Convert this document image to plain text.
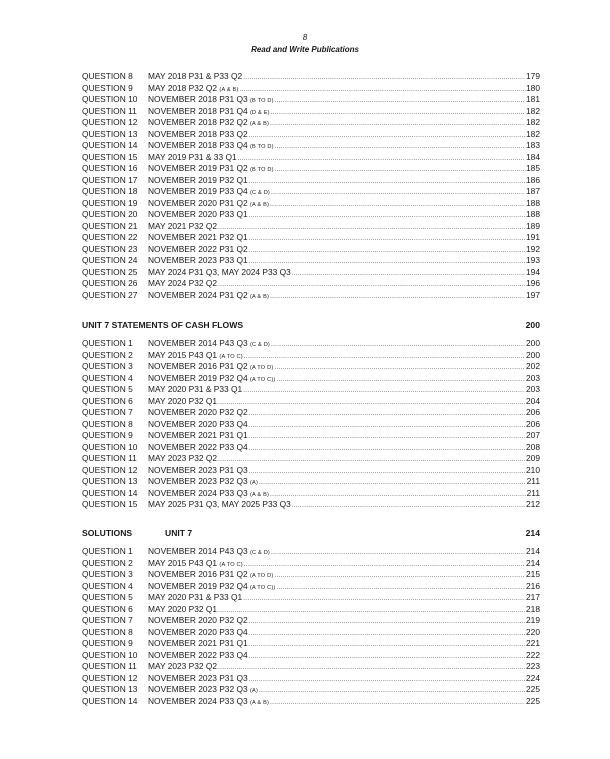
8
Read and Write Publications
QUESTION 8	MAY 2018 P31 & P33 Q2 .....	179
QUESTION 9	MAY 2018 P32 Q2 (A & B) .....	180
QUESTION 10	NOVEMBER 2018 P31 Q3 (B TO D) .....	181
QUESTION 11	NOVEMBER 2018 P31 Q4 (D & E) .....	182
QUESTION 12	NOVEMBER 2018 P32 Q2 (A & B) .....	182
QUESTION 13	NOVEMBER 2018 P33 Q2 .....	182
QUESTION 14	NOVEMBER 2018 P33 Q4 (B TO D) .....	183
QUESTION 15	MAY 2019 P31 & 33 Q1 .....	184
QUESTION 16	NOVEMBER 2019 P31 Q2 (B TO D) .....	185
QUESTION 17	NOVEMBER 2019 P32 Q1 .....	186
QUESTION 18	NOVEMBER 2019 P33 Q4 (C & D) .....	187
QUESTION 19	NOVEMBER 2020 P31 Q2 (A & B) .....	188
QUESTION 20	NOVEMBER 2020 P33 Q1 .....	188
QUESTION 21	MAY 2021 P32 Q2 .....	189
QUESTION 22	NOVEMBER 2021 P32 Q1 .....	191
QUESTION 23	NOVEMBER 2022 P31 Q2 .....	192
QUESTION 24	NOVEMBER 2023 P33 Q1 .....	193
QUESTION 25	MAY 2024 P31 Q3, MAY 2024 P33 Q3 .....	194
QUESTION 26	MAY 2024 P32 Q2 .....	196
QUESTION 27	NOVEMBER 2024 P31 Q2 (A & B) .....	197
UNIT 7 STATEMENTS OF CASH FLOWS	200
QUESTION 1	NOVEMBER 2014 P43 Q3 (C & D) .....	200
QUESTION 2	MAY 2015 P43 Q1 (A TO C) .....	200
QUESTION 3	NOVEMBER 2016 P31 Q2 (A TO D) .....	202
QUESTION 4	NOVEMBER 2019 P32 Q4 (A TO C)) .....	203
QUESTION 5	MAY 2020 P31 & P33 Q1 .....	203
QUESTION 6	MAY 2020 P32 Q1 .....	204
QUESTION 7	NOVEMBER 2020 P32 Q2 .....	206
QUESTION 8	NOVEMBER 2020 P33 Q4 .....	206
QUESTION 9	NOVEMBER 2021 P31 Q1 .....	207
QUESTION 10	NOVEMBER 2022 P33 Q4 .....	208
QUESTION 11	MAY 2023 P32 Q2 .....	209
QUESTION 12	NOVEMBER 2023 P31 Q3 .....	210
QUESTION 13	NOVEMBER 2023 P32 Q3 (A) .....	211
QUESTION 14	NOVEMBER 2024 P33 Q3 (A & B) .....	211
QUESTION 15	MAY 2025 P31 Q3, MAY 2025 P33 Q3 .....	212
SOLUTIONS	UNIT 7	214
QUESTION 1	NOVEMBER 2014 P43 Q3 (C & D) .....	214
QUESTION 2	MAY 2015 P43 Q1 (A TO C) .....	214
QUESTION 3	NOVEMBER 2016 P31 Q2 (A TO D) .....	215
QUESTION 4	NOVEMBER 2019 P32 Q4 (A TO C)) .....	216
QUESTION 5	MAY 2020 P31 & P33 Q1 .....	217
QUESTION 6	MAY 2020 P32 Q1 .....	218
QUESTION 7	NOVEMBER 2020 P32 Q2 .....	219
QUESTION 8	NOVEMBER 2020 P33 Q4 .....	220
QUESTION 9	NOVEMBER 2021 P31 Q1 .....	221
QUESTION 10	NOVEMBER 2022 P33 Q4 .....	222
QUESTION 11	MAY 2023 P32 Q2 .....	223
QUESTION 12	NOVEMBER 2023 P31 Q3 .....	224
QUESTION 13	NOVEMBER 2023 P32 Q3 (A) .....	225
QUESTION 14	NOVEMBER 2024 P33 Q3 (A & B) .....	225
